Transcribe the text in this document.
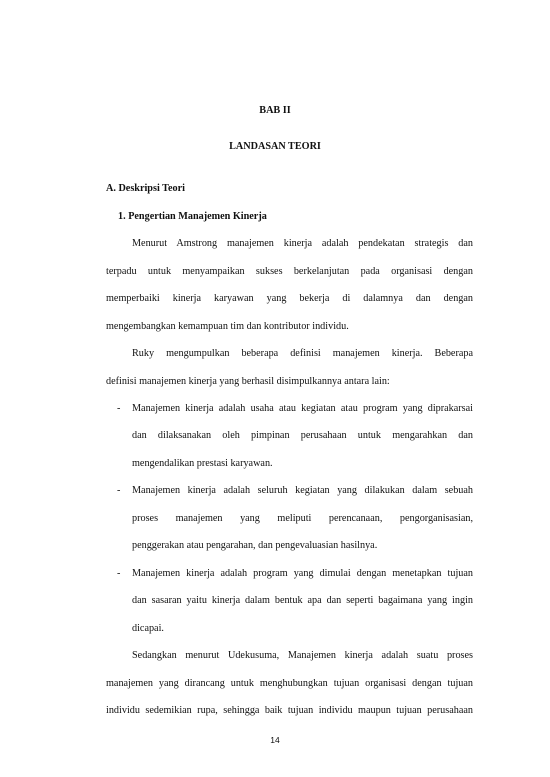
BAB II
LANDASAN TEORI
A. Deskripsi Teori
1. Pengertian Manajemen Kinerja
Menurut Amstrong manajemen kinerja adalah pendekatan strategis dan
terpadu untuk menyampaikan sukses berkelanjutan pada organisasi dengan
memperbaiki kinerja karyawan yang bekerja di dalamnya dan dengan
mengembangkan kemampuan tim dan kontributor individu.
Ruky mengumpulkan beberapa definisi manajemen kinerja. Beberapa
definisi manajemen kinerja yang berhasil disimpulkannya antara lain:
- Manajemen kinerja adalah usaha atau kegiatan atau program yang diprakarsai
dan dilaksanakan oleh pimpinan perusahaan untuk mengarahkan dan
mengendalikan prestasi karyawan.
- Manajemen kinerja adalah seluruh kegiatan yang dilakukan dalam sebuah
proses manajemen yang meliputi perencanaan, pengorganisasian,
penggerakan atau pengarahan, dan pengevaluasian hasilnya.
- Manajemen kinerja adalah program yang dimulai dengan menetapkan tujuan
dan sasaran yaitu kinerja dalam bentuk apa dan seperti bagaimana yang ingin
dicapai.
Sedangkan menurut Udekusuma, Manajemen kinerja adalah suatu proses
manajemen yang dirancang untuk menghubungkan tujuan organisasi dengan tujuan
individu sedemikian rupa, sehingga baik tujuan individu maupun tujuan perusahaan
14
